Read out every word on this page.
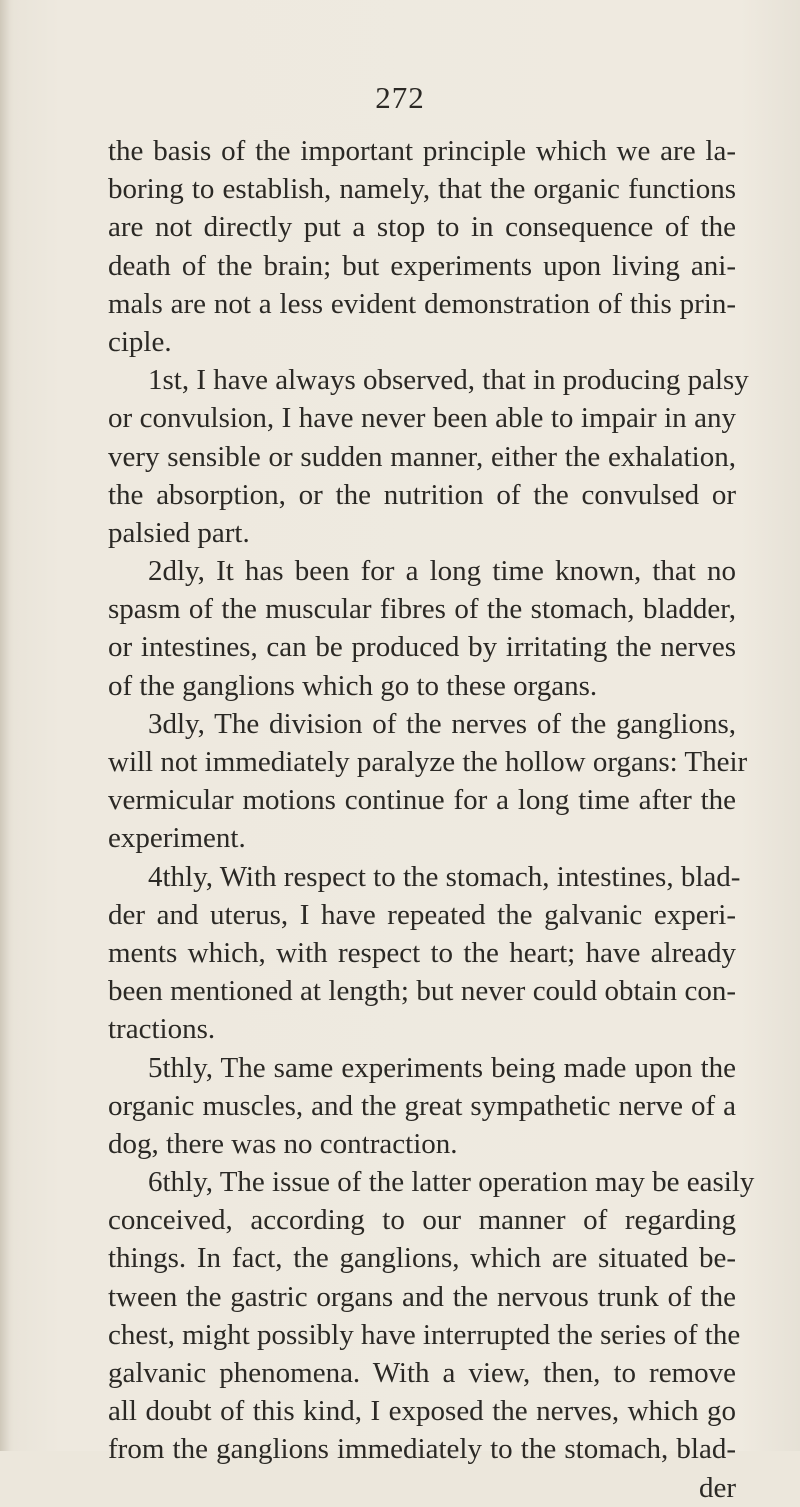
272
the basis of the important principle which we are la-
boring to establish, namely, that the organic functions
are not directly put a stop to in consequence of the
death of the brain; but experiments upon living ani-
mals are not a less evident demonstration of this prin-
ciple.
1st, I have always observed, that in producing palsy
or convulsion, I have never been able to impair in any
very sensible or sudden manner, either the exhalation,
the absorption, or the nutrition of the convulsed or
palsied part.
2dly, It has been for a long time known, that no
spasm of the muscular fibres of the stomach, bladder,
or intestines, can be produced by irritating the nerves
of the ganglions which go to these organs.
3dly, The division of the nerves of the ganglions,
will not immediately paralyze the hollow organs: Their
vermicular motions continue for a long time after the
experiment.
4thly, With respect to the stomach, intestines, blad-
der and uterus, I have repeated the galvanic experi-
ments which, with respect to the heart; have already
been mentioned at length; but never could obtain con-
tractions.
5thly, The same experiments being made upon the
organic muscles, and the great sympathetic nerve of a
dog, there was no contraction.
6thly, The issue of the latter operation may be easily
conceived, according to our manner of regarding
things. In fact, the ganglions, which are situated be-
tween the gastric organs and the nervous trunk of the
chest, might possibly have interrupted the series of the
galvanic phenomena. With a view, then, to remove
all doubt of this kind, I exposed the nerves, which go
from the ganglions immediately to the stomach, blad-
der
